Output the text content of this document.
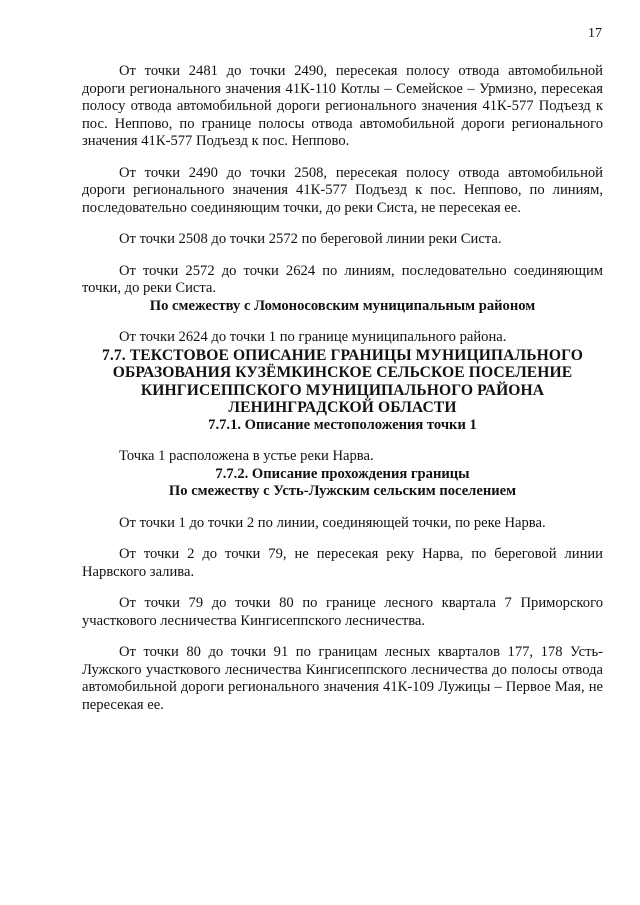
17

От точки 2481 до точки 2490, пересекая полосу отвода автомобильной дороги регионального значения 41К-110 Котлы – Семейское – Урмизно, пересекая полосу отвода автомобильной дороги регионального значения 41К-577 Подъезд к пос. Неппово, по границе полосы отвода автомобильной дороги регионального значения 41К-577 Подъезд к пос. Неппово.

От точки 2490 до точки 2508, пересекая полосу отвода автомобильной дороги регионального значения 41К-577 Подъезд к пос. Неппово, по линиям, последовательно соединяющим точки, до реки Систа, не пересекая ее.

От точки 2508 до точки 2572 по береговой линии реки Систа.

От точки 2572 до точки 2624 по линиям, последовательно соединяющим точки, до реки Систа.

По смежеству с Ломоносовским муниципальным районом

От точки 2624 до точки 1 по границе муниципального района.

7.7. ТЕКСТОВОЕ ОПИСАНИЕ ГРАНИЦЫ МУНИЦИПАЛЬНОГО ОБРАЗОВАНИЯ КУЗЁМКИНСКОЕ СЕЛЬСКОЕ ПОСЕЛЕНИЕ КИНГИСЕППСКОГО МУНИЦИПАЛЬНОГО РАЙОНА ЛЕНИНГРАДСКОЙ ОБЛАСТИ

7.7.1. Описание местоположения точки 1

Точка 1 расположена в устье реки Нарва.

7.7.2. Описание прохождения границы

По смежеству с Усть-Лужским сельским поселением

От точки 1 до точки 2 по линии, соединяющей точки, по реке Нарва.

От точки 2 до точки 79, не пересекая реку Нарва, по береговой линии Нарвского залива.

От точки 79 до точки 80 по границе лесного квартала 7 Приморского участкового лесничества Кингисеппского лесничества.

От точки 80 до точки 91 по границам лесных кварталов 177, 178 Усть-Лужского участкового лесничества Кингисеппского лесничества до полосы отвода автомобильной дороги регионального значения 41К-109 Лужицы – Первое Мая, не пересекая ее.
